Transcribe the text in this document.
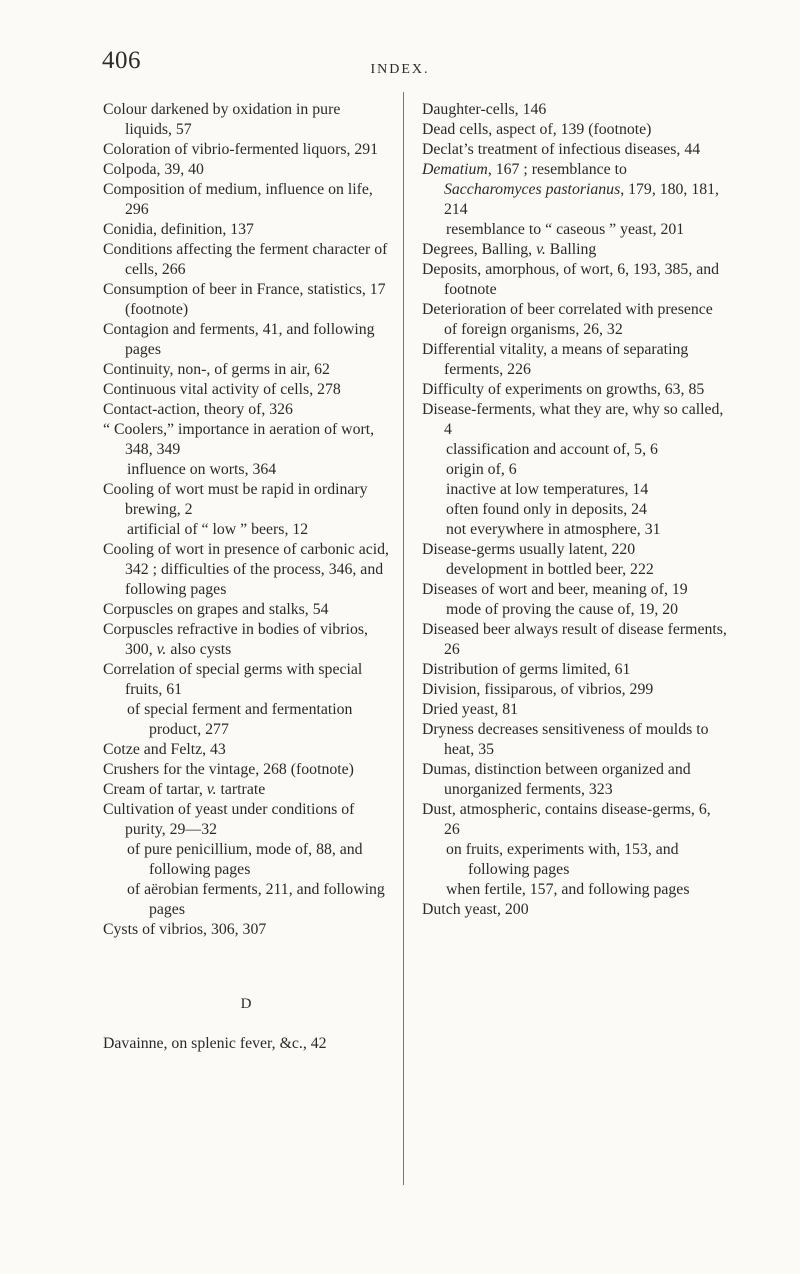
406	INDEX.

Colour darkened by oxidation in pure liquids, 57

Coloration of vibrio-fermented liquors, 291

Colpoda, 39, 40

Composition of medium, influence on life, 296

Conidia, definition, 137

Conditions affecting the ferment character of cells, 266

Consumption of beer in France, statistics, 17 (footnote)

Contagion and ferments, 41, and following pages

Continuity, non-, of germs in air, 62

Continuous vital activity of cells, 278

Contact-action, theory of, 326

“ Coolers,” importance in aeration of wort, 348, 349

influence on worts, 364

Cooling of wort must be rapid in ordinary brewing, 2

artificial of “ low ” beers, 12

Cooling of wort in presence of carbonic acid, 342 ; difficulties of the process, 346, and following pages

Corpuscles on grapes and stalks, 54

Corpuscles refractive in bodies of vibrios, 300, v. also cysts

Correlation of special germs with special fruits, 61

of special ferment and fermentation product, 277

Cotze and Feltz, 43

Crushers for the vintage, 268 (footnote)

Cream of tartar, v. tartrate

Cultivation of yeast under conditions of purity, 29—32

of pure penicillium, mode of, 88, and following pages

of aërobian ferments, 211, and following pages

Cysts of vibrios, 306, 307

D

Davainne, on splenic fever, &c., 42

Daughter-cells, 146

Dead cells, aspect of, 139 (footnote)

Declat’s treatment of infectious diseases, 44

Dematium, 167 ; resemblance to Saccharomyces pastorianus, 179, 180, 181, 214

resemblance to “ caseous ” yeast, 201

Degrees, Balling, v. Balling

Deposits, amorphous, of wort, 6, 193, 385, and footnote

Deterioration of beer correlated with presence of foreign organisms, 26, 32

Differential vitality, a means of separating ferments, 226

Difficulty of experiments on growths, 63, 85

Disease-ferments, what they are, why so called, 4

classification and account of, 5, 6

origin of, 6

inactive at low temperatures, 14

often found only in deposits, 24

not everywhere in atmosphere, 31

Disease-germs usually latent, 220

development in bottled beer, 222

Diseases of wort and beer, meaning of, 19

mode of proving the cause of, 19, 20

Diseased beer always result of disease ferments, 26

Distribution of germs limited, 61

Division, fissiparous, of vibrios, 299

Dried yeast, 81

Dryness decreases sensitiveness of moulds to heat, 35

Dumas, distinction between organized and unorganized ferments, 323

Dust, atmospheric, contains disease-germs, 6, 26

on fruits, experiments with, 153, and following pages

when fertile, 157, and following pages

Dutch yeast, 200
